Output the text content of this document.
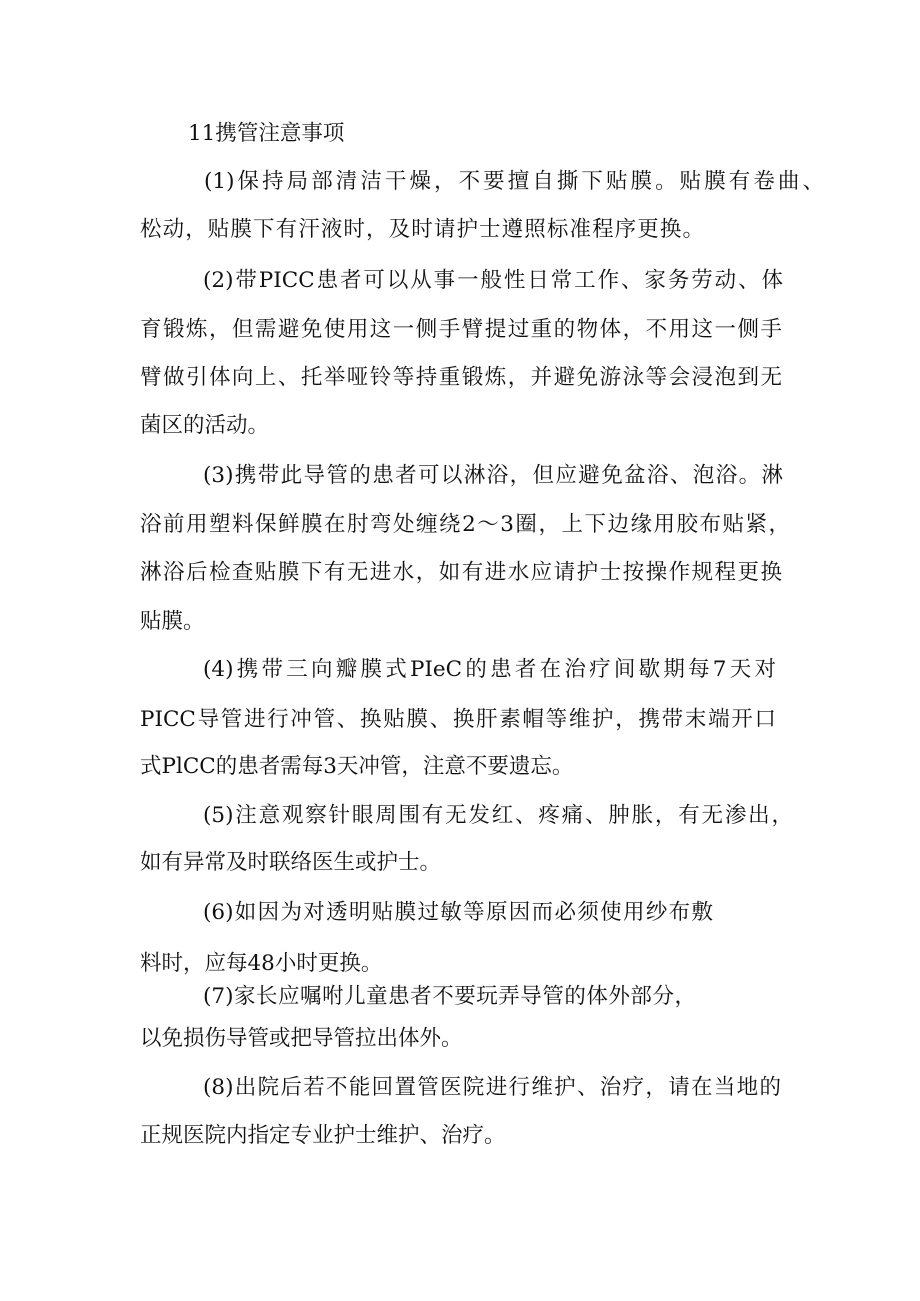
11携管注意事项

(1)保持局部清洁干燥，不要擅自撕下贴膜。贴膜有卷曲、

松动，贴膜下有汗液时，及时请护士遵照标准程序更换。

(2)带PICC患者可以从事一般性日常工作、家务劳动、体

育锻炼，但需避免使用这一侧手臂提过重的物体，不用这一侧手

臂做引体向上、托举哑铃等持重锻炼，并避免游泳等会浸泡到无

菌区的活动。

(3)携带此导管的患者可以淋浴，但应避免盆浴、泡浴。淋

浴前用塑料保鲜膜在肘弯处缠绕2～3圈，上下边缘用胶布贴紧，

淋浴后检查贴膜下有无进水，如有进水应请护士按操作规程更换

贴膜。

(4)携带三向瓣膜式PIeC的患者在治疗间歇期每7天对

PICC导管进行冲管、换贴膜、换肝素帽等维护，携带末端开口

式PlCC的患者需每3天冲管，注意不要遗忘。

(5)注意观察针眼周围有无发红、疼痛、肿胀，有无渗出，

如有异常及时联络医生或护士。

(6)如因为对透明贴膜过敏等原因而必须使用纱布敷

料时，应每48小时更换。

(7)家长应嘱咐儿童患者不要玩弄导管的体外部分，

以免损伤导管或把导管拉出体外。

(8)出院后若不能回置管医院进行维护、治疗，请在当地的

正规医院内指定专业护士维护、治疗。
